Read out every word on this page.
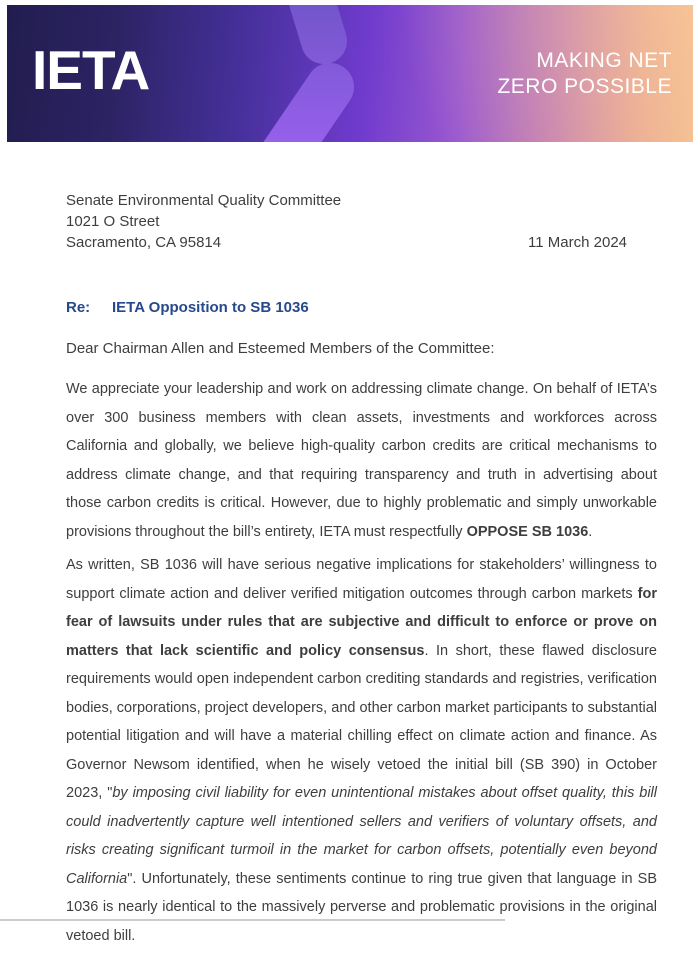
IETA	MAKING NET
ZERO POSSIBLE
Senate Environmental Quality Committee
1021 O Street
Sacramento, CA 95814	11 March 2024
Re: IETA Opposition to SB 1036

Dear Chairman Allen and Esteemed Members of the Committee:

We appreciate your leadership and work on addressing climate change. On behalf of IETA’s over 300 business members with clean assets, investments and workforces across California and globally, we believe high-quality carbon credits are critical mechanisms to address climate change, and that requiring transparency and truth in advertising about those carbon credits is critical. However, due to highly problematic and simply unworkable provisions throughout the bill’s entirety, IETA must respectfully OPPOSE SB 1036.

As written, SB 1036 will have serious negative implications for stakeholders’ willingness to support climate action and deliver verified mitigation outcomes through carbon markets for fear of lawsuits under rules that are subjective and difficult to enforce or prove on matters that lack scientific and policy consensus. In short, these flawed disclosure requirements would open independent carbon crediting standards and registries, verification bodies, corporations, project developers, and other carbon market participants to substantial potential litigation and will have a material chilling effect on climate action and finance. As Governor Newsom identified, when he wisely vetoed the initial bill (SB 390) in October 2023, "by imposing civil liability for even unintentional mistakes about offset quality, this bill could inadvertently capture well intentioned sellers and verifiers of voluntary offsets, and risks creating significant turmoil in the market for carbon offsets, potentially even beyond California". Unfortunately, these sentiments continue to ring true given that language in SB 1036 is nearly identical to the massively perverse and problematic provisions in the original vetoed bill.
